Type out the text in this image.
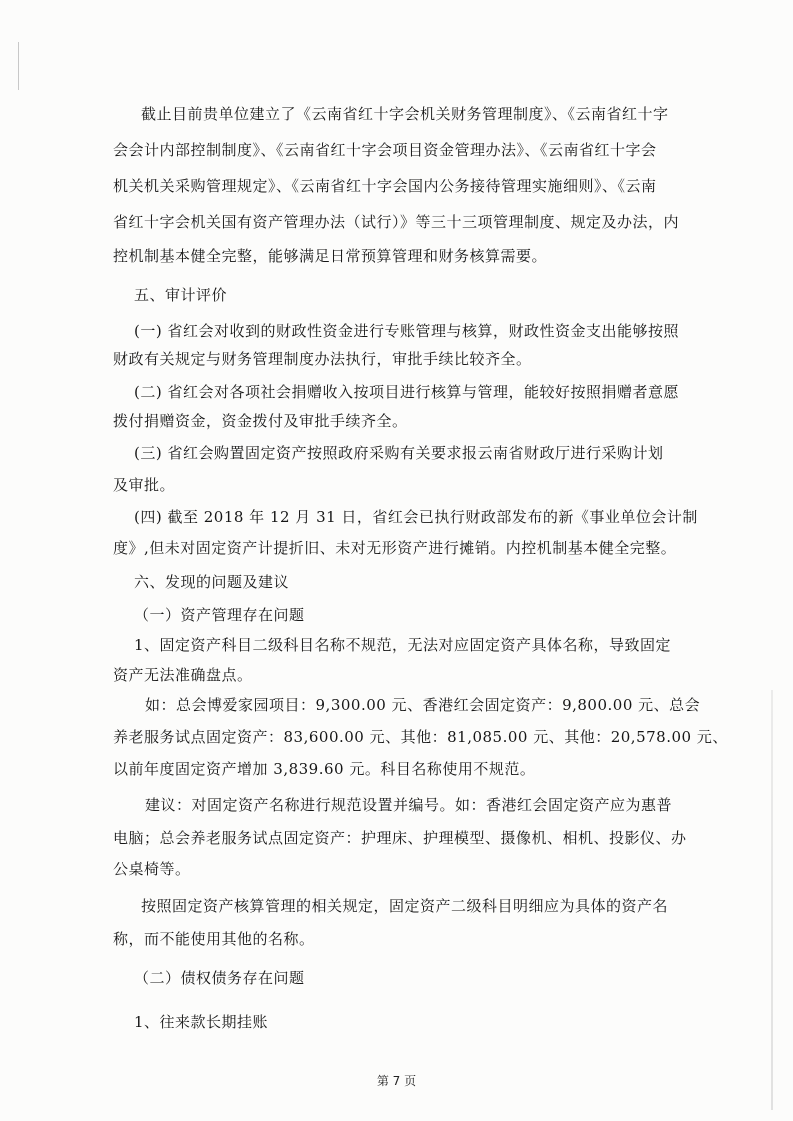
截止目前贵单位建立了《云南省红十字会机关财务管理制度》、《云南省红十字
会会计内部控制制度》、《云南省红十字会项目资金管理办法》、《云南省红十字会
机关机关采购管理规定》、《云南省红十字会国内公务接待管理实施细则》、《云南
省红十字会机关国有资产管理办法（试行）》等三十三项管理制度、规定及办法，内
控机制基本健全完整，能够满足日常预算管理和财务核算需要。
五、审计评价
(一) 省红会对收到的财政性资金进行专账管理与核算，财政性资金支出能够按照
财政有关规定与财务管理制度办法执行，审批手续比较齐全。
(二) 省红会对各项社会捐赠收入按项目进行核算与管理，能较好按照捐赠者意愿
拨付捐赠资金，资金拨付及审批手续齐全。
(三) 省红会购置固定资产按照政府采购有关要求报云南省财政厅进行采购计划
及审批。
(四) 截至 2018 年 12 月 31 日，省红会已执行财政部发布的新《事业单位会计制
度》,但未对固定资产计提折旧、未对无形资产进行摊销。内控机制基本健全完整。
六、发现的问题及建议
（一）资产管理存在问题
1、固定资产科目二级科目名称不规范，无法对应固定资产具体名称，导致固定
资产无法准确盘点。
如：总会博爱家园项目：9,300.00 元、香港红会固定资产：9,800.00 元、总会
养老服务试点固定资产：83,600.00 元、其他：81,085.00 元、其他：20,578.00 元、
以前年度固定资产增加 3,839.60 元。科目名称使用不规范。
建议：对固定资产名称进行规范设置并编号。如：香港红会固定资产应为惠普
电脑；总会养老服务试点固定资产：护理床、护理模型、摄像机、相机、投影仪、办
公桌椅等。
按照固定资产核算管理的相关规定，固定资产二级科目明细应为具体的资产名
称，而不能使用其他的名称。
（二）债权债务存在问题
1、往来款长期挂账
第 7 页
